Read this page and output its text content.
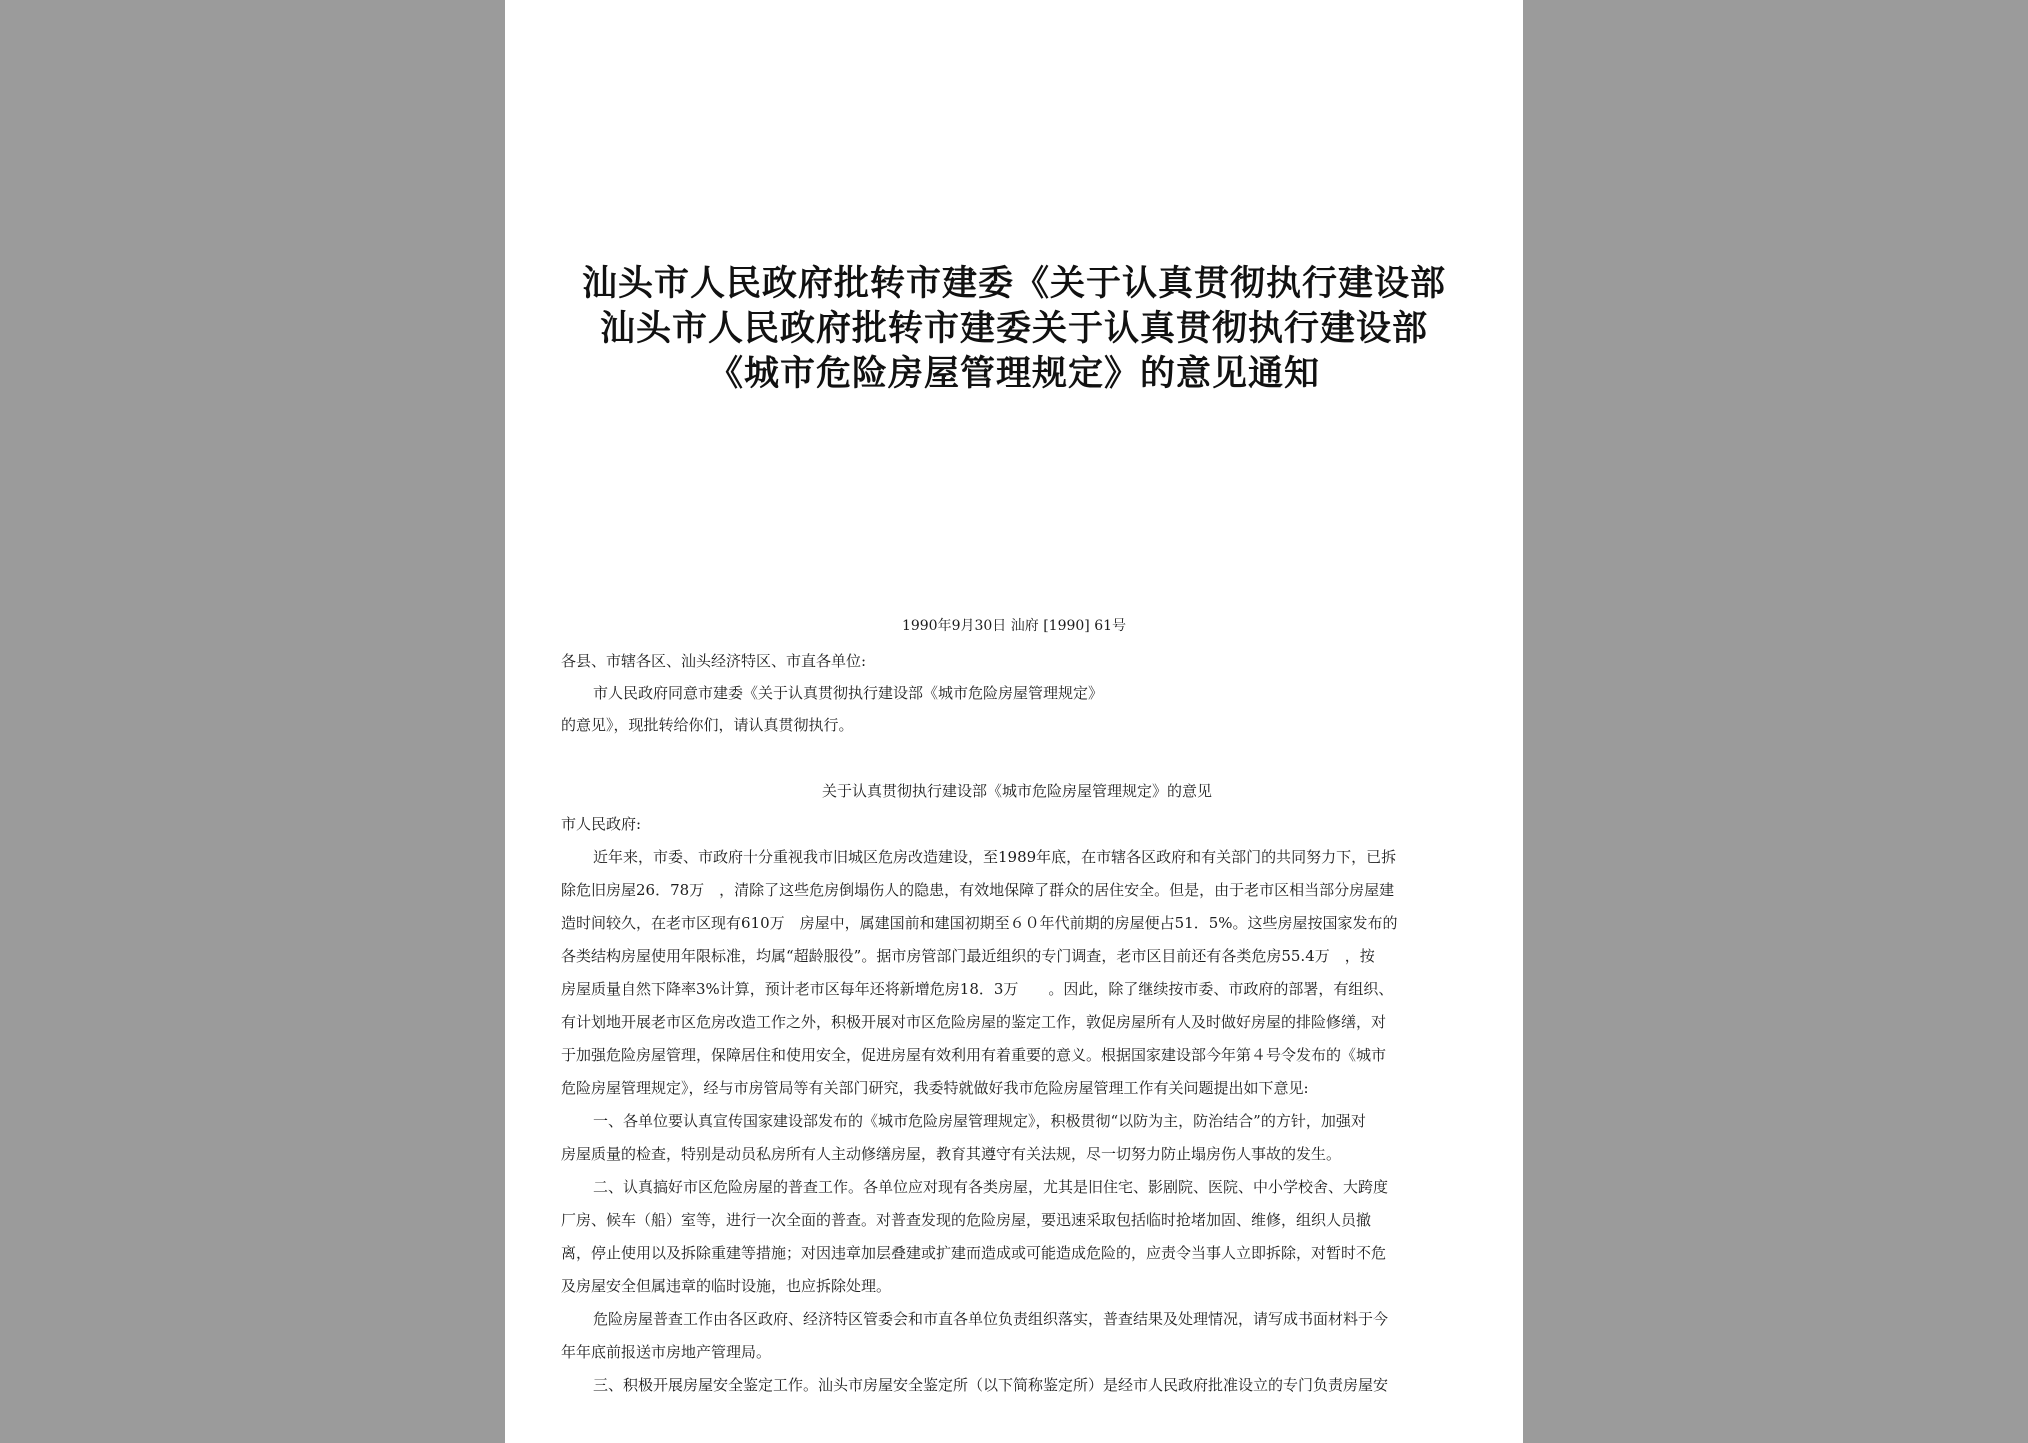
汕头市人民政府批转市建委《关于认真贯彻执行建设部
汕头市人民政府批转市建委关于认真贯彻执行建设部
《城市危险房屋管理规定》的意见通知
1990年9月30日 汕府 [1990] 61号
各县、市辖各区、汕头经济特区、市直各单位:
市人民政府同意市建委《关于认真贯彻执行建设部《城市危险房屋管理规定》
的意见》，现批转给你们，请认真贯彻执行。
关于认真贯彻执行建设部《城市危险房屋管理规定》的意见
市人民政府:
近年来，市委、市政府十分重视我市旧城区危房改造建设，至1989年底，在市辖各区政府和有关部门的共同努力下，已拆
除危旧房屋26．78万　，清除了这些危房倒塌伤人的隐患，有效地保障了群众的居住安全。但是，由于老市区相当部分房屋建
造时间较久，在老市区现有610万　房屋中，属建国前和建国初期至６０年代前期的房屋便占51．5%。这些房屋按国家发布的
各类结构房屋使用年限标准，均属“超龄服役”。据市房管部门最近组织的专门调查，老市区目前还有各类危房55.4万　，按
房屋质量自然下降率3%计算，预计老市区每年还将新增危房18．3万　　。因此，除了继续按市委、市政府的部署，有组织、
有计划地开展老市区危房改造工作之外，积极开展对市区危险房屋的鉴定工作，敦促房屋所有人及时做好房屋的排险修缮，对
于加强危险房屋管理，保障居住和使用安全，促进房屋有效利用有着重要的意义。根据国家建设部今年第４号令发布的《城市
危险房屋管理规定》，经与市房管局等有关部门研究，我委特就做好我市危险房屋管理工作有关问题提出如下意见:
一、各单位要认真宣传国家建设部发布的《城市危险房屋管理规定》，积极贯彻“以防为主，防治结合”的方针，加强对
房屋质量的检查，特别是动员私房所有人主动修缮房屋，教育其遵守有关法规，尽一切努力防止塌房伤人事故的发生。
二、认真搞好市区危险房屋的普查工作。各单位应对现有各类房屋，尤其是旧住宅、影剧院、医院、中小学校舍、大跨度
厂房、候车（船）室等，进行一次全面的普查。对普查发现的危险房屋，要迅速采取包括临时抢堵加固、维修，组织人员撤
离，停止使用以及拆除重建等措施；对因违章加层叠建或扩建而造成或可能造成危险的，应责令当事人立即拆除，对暂时不危
及房屋安全但属违章的临时设施，也应拆除处理。
危险房屋普查工作由各区政府、经济特区管委会和市直各单位负责组织落实，普查结果及处理情况，请写成书面材料于今
年年底前报送市房地产管理局。
三、积极开展房屋安全鉴定工作。汕头市房屋安全鉴定所（以下简称鉴定所）是经市人民政府批准设立的专门负责房屋安
